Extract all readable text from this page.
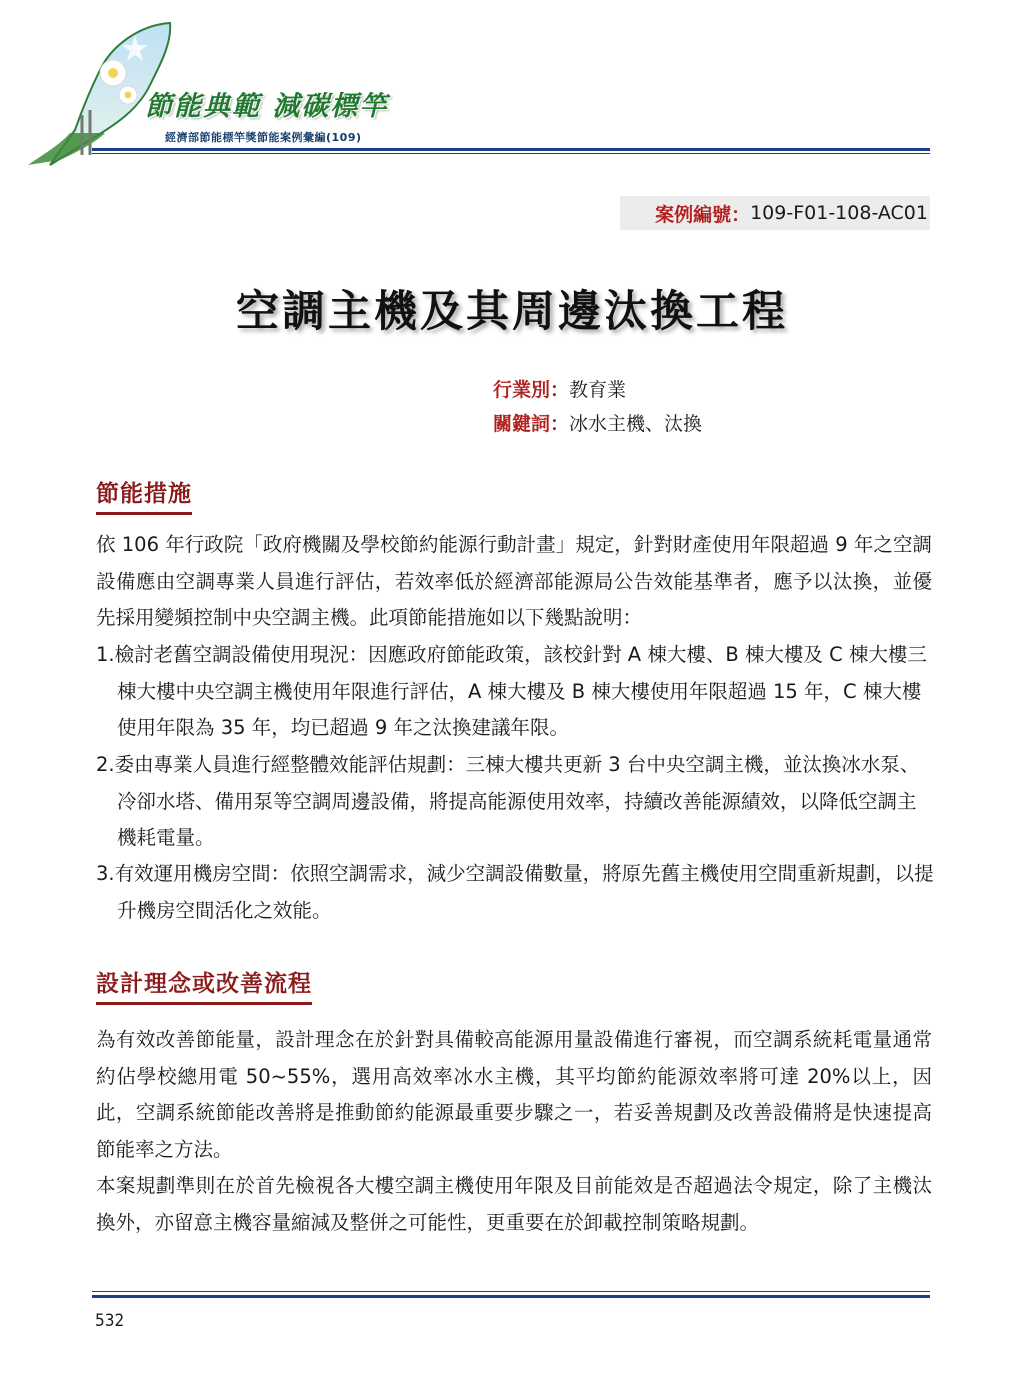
節能典範 減碳標竿
經濟部節能標竿獎節能案例彙編(109)
案例編號： 109-F01-108-AC01
空調主機及其周邊汰換工程
行業別：教育業
關鍵詞：冰水主機、汰換
節能措施
依 106 年行政院「政府機關及學校節約能源行動計畫」規定，針對財產使用年限超過 9 年之空調設備應由空調專業人員進行評估，若效率低於經濟部能源局公告效能基準者，應予以汰換，並優先採用變頻控制中央空調主機。此項節能措施如以下幾點說明：
1.檢討老舊空調設備使用現況：因應政府節能政策，該校針對 A 棟大樓、B 棟大樓及 C 棟大樓三棟大樓中央空調主機使用年限進行評估，A 棟大樓及 B 棟大樓使用年限超過 15 年，C 棟大樓使用年限為 35 年，均已超過 9 年之汰換建議年限。
2.委由專業人員進行經整體效能評估規劃：三棟大樓共更新 3 台中央空調主機，並汰換冰水泵、冷卻水塔、備用泵等空調周邊設備，將提高能源使用效率，持續改善能源績效，以降低空調主機耗電量。
3.有效運用機房空間：依照空調需求，減少空調設備數量，將原先舊主機使用空間重新規劃，以提升機房空間活化之效能。
設計理念或改善流程
為有效改善節能量，設計理念在於針對具備較高能源用量設備進行審視，而空調系統耗電量通常約佔學校總用電 50~55%，選用高效率冰水主機，其平均節約能源效率將可達 20%以上，因此，空調系統節能改善將是推動節約能源最重要步驟之一，若妥善規劃及改善設備將是快速提高節能率之方法。
本案規劃準則在於首先檢視各大樓空調主機使用年限及目前能效是否超過法令規定，除了主機汰換外，亦留意主機容量縮減及整併之可能性，更重要在於卸載控制策略規劃。
532
